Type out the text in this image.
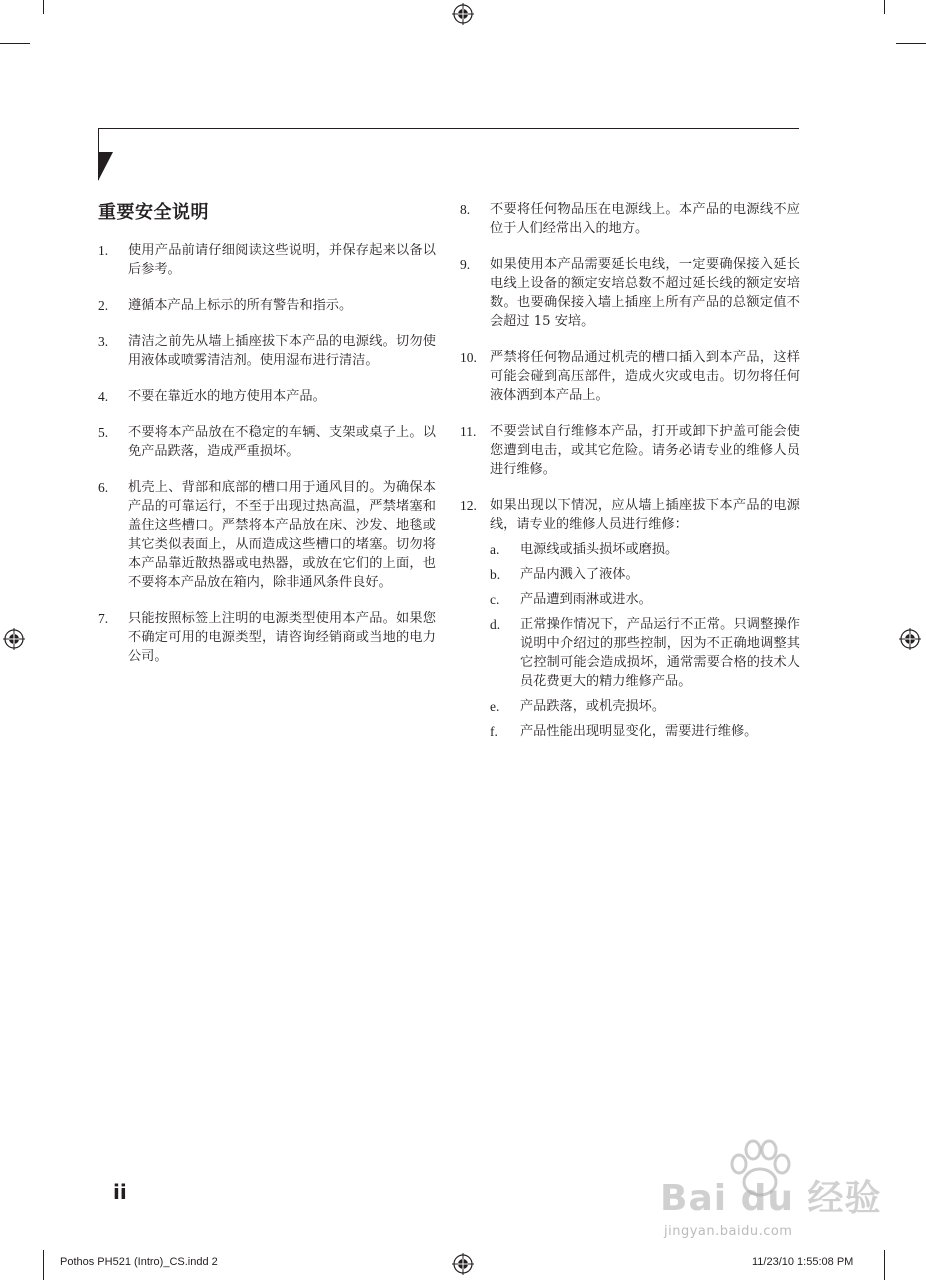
重要安全说明
1. 使用产品前请仔细阅读这些说明，并保存起来以备以后参考。
2. 遵循本产品上标示的所有警告和指示。
3. 清洁之前先从墙上插座拔下本产品的电源线。切勿使用液体或喷雾清洁剂。使用湿布进行清洁。
4. 不要在靠近水的地方使用本产品。
5. 不要将本产品放在不稳定的车辆、支架或桌子上。以免产品跌落，造成严重损坏。
6. 机壳上、背部和底部的槽口用于通风目的。为确保本产品的可靠运行，不至于出现过热高温，严禁堵塞和盖住这些槽口。严禁将本产品放在床、沙发、地毯或其它类似表面上，从而造成这些槽口的堵塞。切勿将本产品靠近散热器或电热器，或放在它们的上面，也不要将本产品放在箱内，除非通风条件良好。
7. 只能按照标签上注明的电源类型使用本产品。如果您不确定可用的电源类型，请咨询经销商或当地的电力公司。
8. 不要将任何物品压在电源线上。本产品的电源线不应位于人们经常出入的地方。
9. 如果使用本产品需要延长电线，一定要确保接入延长电线上设备的额定安培总数不超过延长线的额定安培数。也要确保接入墙上插座上所有产品的总额定值不会超过 15 安培。
10. 严禁将任何物品通过机壳的槽口插入到本产品，这样可能会碰到高压部件，造成火灾或电击。切勿将任何液体洒到本产品上。
11. 不要尝试自行维修本产品，打开或卸下护盖可能会使您遭到电击，或其它危险。请务必请专业的维修人员进行维修。
12. 如果出现以下情况，应从墙上插座拔下本产品的电源线，请专业的维修人员进行维修：
a. 电源线或插头损坏或磨损。
b. 产品内溅入了液体。
c. 产品遭到雨淋或进水。
d. 正常操作情况下，产品运行不正常。只调整操作说明中介绍过的那些控制，因为不正确地调整其它控制可能会造成损坏，通常需要合格的技术人员花费更大的精力维修产品。
e. 产品跌落，或机壳损坏。
f. 产品性能出现明显变化，需要进行维修。
ii	Bai du 经验
jingyan.baidu.com
Pothos PH521 (Intro)_CS.indd 2	11/23/10 1:55:08 PM
